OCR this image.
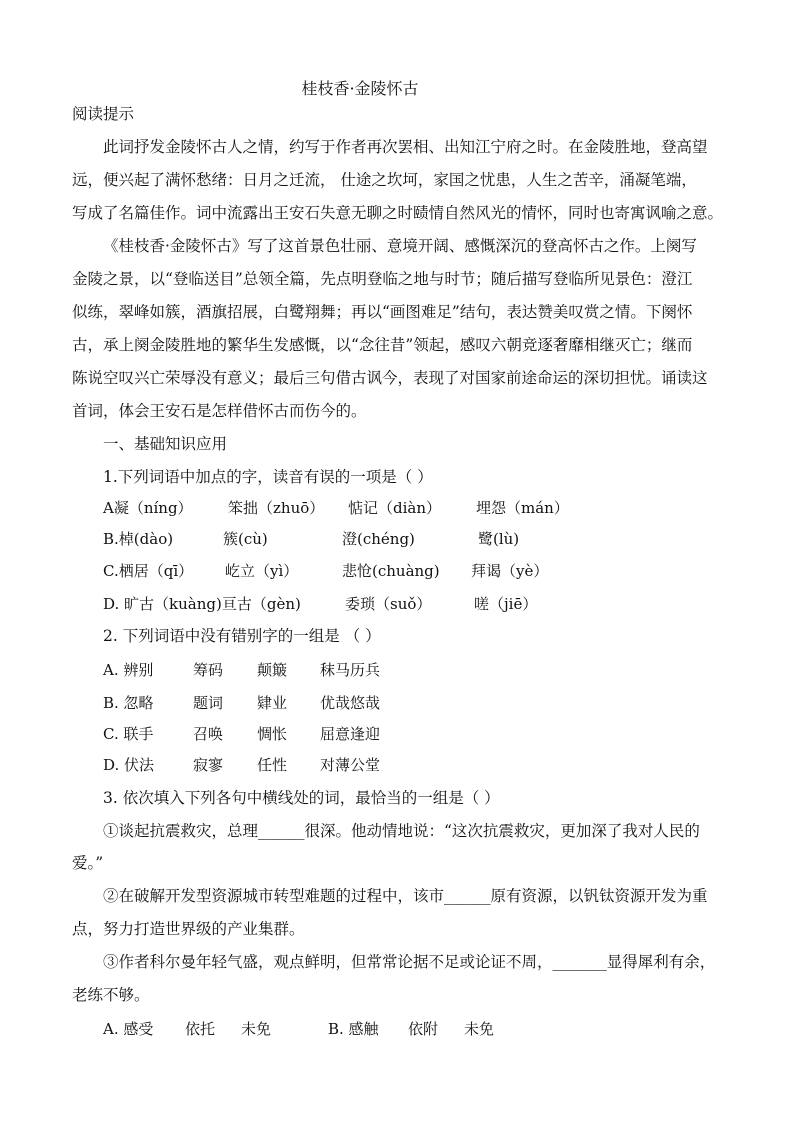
桂枝香·金陵怀古
阅读提示
此词抒发金陵怀古人之情，约写于作者再次罢相、出知江宁府之时。在金陵胜地，登高望
远，便兴起了满怀愁绪：日月之迁流， 仕途之坎坷，家国之忧患，人生之苦辛，涌凝笔端，
写成了名篇佳作。词中流露出王安石失意无聊之时赜情自然风光的情怀，同时也寄寓讽喻之意。
《桂枝香·金陵怀古》写了这首景色壮丽、意境开阔、感慨深沉的登高怀古之作。上阕写
金陵之景，以“登临送目”总领全篇，先点明登临之地与时节；随后描写登临所见景色：澄江
似练，翠峰如簇，酒旗招展，白鹭翔舞；再以“画图难足”结句，表达赞美叹赏之情。下阕怀
古，承上阕金陵胜地的繁华生发感慨，以“念往昔”领起，感叹六朝竞逐奢靡相继灭亡；继而
陈说空叹兴亡荣辱没有意义；最后三句借古讽今，表现了对国家前途命运的深切担忧。诵读这
首词，体会王安石是怎样借怀古而伤今的。
一、基础知识应用
1.下列词语中加点的字，读音有误的一项是（ ）
A凝（níng） 笨拙（zhuō） 惦记（diàn） 埋怨（mán）
B.棹(dào)	簇(cù)	澄(chéng)	鹭(lù)
C.栖居（qī） 屹立（yì）	悲怆(chuàng) 拜谒（yè）
D. 旷古（kuàng)亘古（gèn)	委琐（suǒ）	嗟（jiē）
2. 下列词语中没有错别字的一组是 （ ）
A. 辨别	筹码 颠簸 秣马历兵
B. 忽略	题词 肄业 优哉悠哉
C. 联手	召唤 惆怅 屈意逢迎
D. 伏法	寂寥 任性 对薄公堂
3. 依次填入下列各句中横线处的词，最恰当的一组是（ ）
①谈起抗震救灾，总理______很深。他动情地说：“这次抗震救灾，更加深了我对人民的
爱。”
②在破解开发型资源城市转型难题的过程中，该市______原有资源，以钒钛资源开发为重
点，努力打造世界级的产业集群。
③作者科尔曼年轻气盛，观点鲜明，但常常论据不足或论证不周，_______显得犀利有余，
老练不够。
A. 感受 依托 未免	B. 感触 依附 未免
